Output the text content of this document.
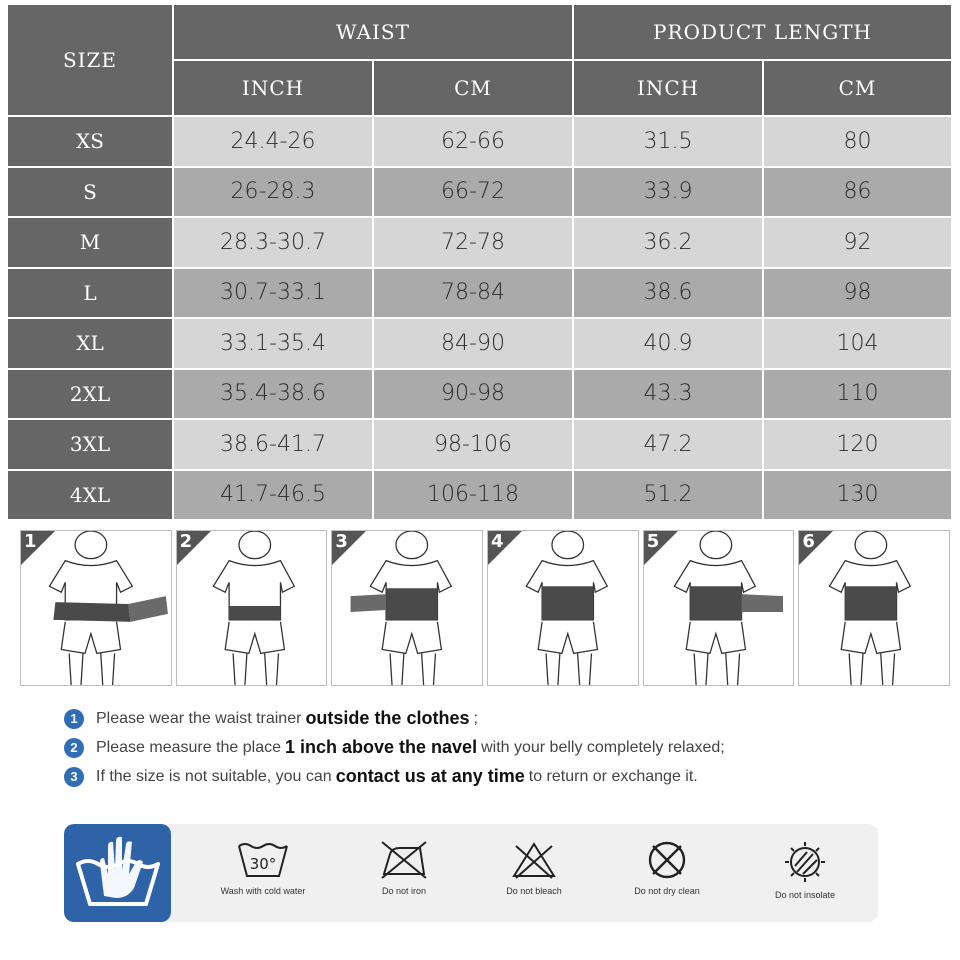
SIZE	WAIST		PRODUCT LENGTH	
	INCH	CM	INCH	CM
XS	24.4-26	62-66	31.5	80
S	26-28.3	66-72	33.9	86
M	28.3-30.7	72-78	36.2	92
L	30.7-33.1	78-84	38.6	98
XL	33.1-35.4	84-90	40.9	104
2XL	35.4-38.6	90-98	43.3	110
3XL	38.6-41.7	98-106	47.2	120
4XL	41.7-46.5	106-118	51.2	130
1	2	3	4	5	6
1	Please wear the waist trainer outside the clothes ;
2	Please measure the place 1 inch above the navel with your belly completely relaxed;
3	If the size is not suitable, you can contact us at any time to return or exchange it.
30°
Wash with cold water	Do not iron	Do not bleach	Do not dry clean	Do not insolate
